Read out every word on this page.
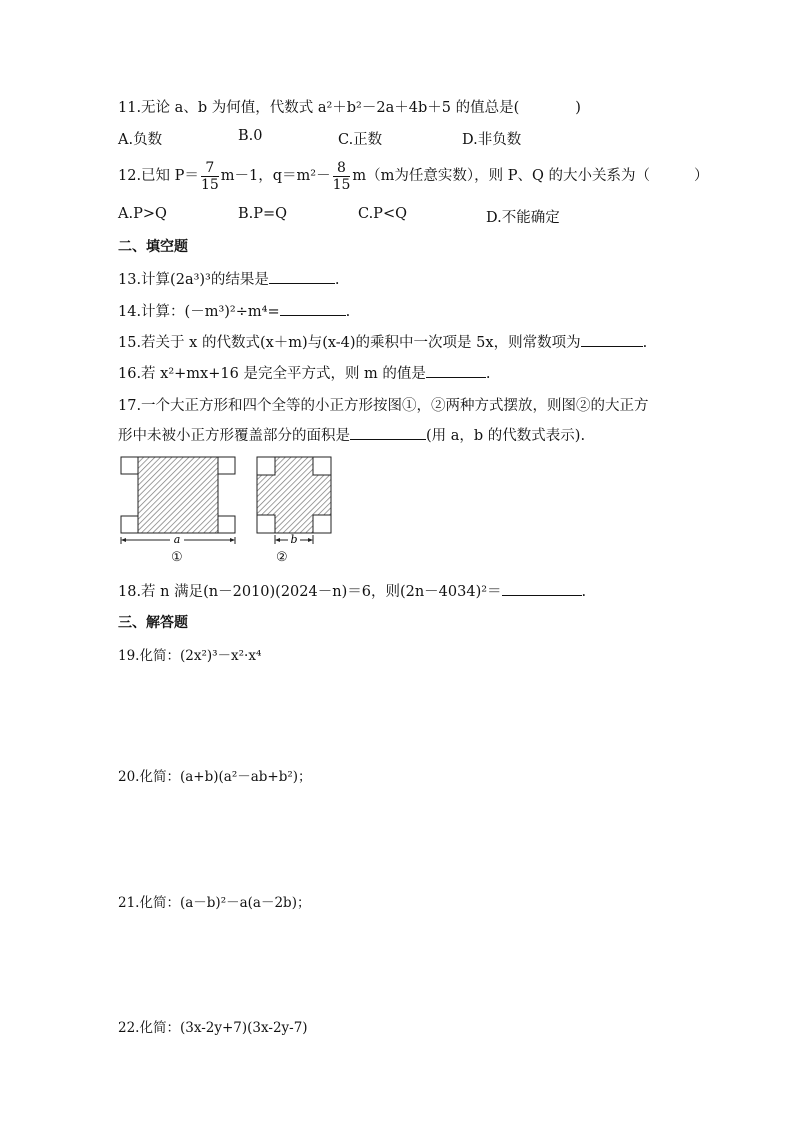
11.无论 a、b 为何值，代数式 a²＋b²－2a＋4b＋5 的值总是(	)
A.负数	B.0	C.正数	D.非负数
12.已知 $P= \frac{7}{15} m-1$，$q=m^2- \frac{8}{15} m(m$为任意实数），则 P、Q 的大小关系为（	）
A.P>Q	B.P=Q	C.P<Q	D.不能确定
二、填空题
13.计算(2a³)³的结果是	.
14.计算：(－m³)²÷m⁴=	.
15.若关于 x 的代数式(x＋m)与(x-4)的乘积中一次项是 5x，则常数项为	.
16.若 x²+mx+16 是完全平方式，则 m 的值是	.
17.一个大正方形和四个全等的小正方形按图①，②两种方式摆放，则图②的大正方
形中未被小正方形覆盖部分的面积是	(用 a，b 的代数式表示).
a
①
b
②
18.若 n 满足(n－2010)(2024－n)＝6，则(2n－4034)²＝	.
三、解答题
19.化简：(2x²)³－x²·x⁴
20.化简：(a+b)(a²－ab+b²)；
21.化简：(a－b)²－a(a－2b)；
22.化简：(3x-2y+7)(3x-2y-7)
